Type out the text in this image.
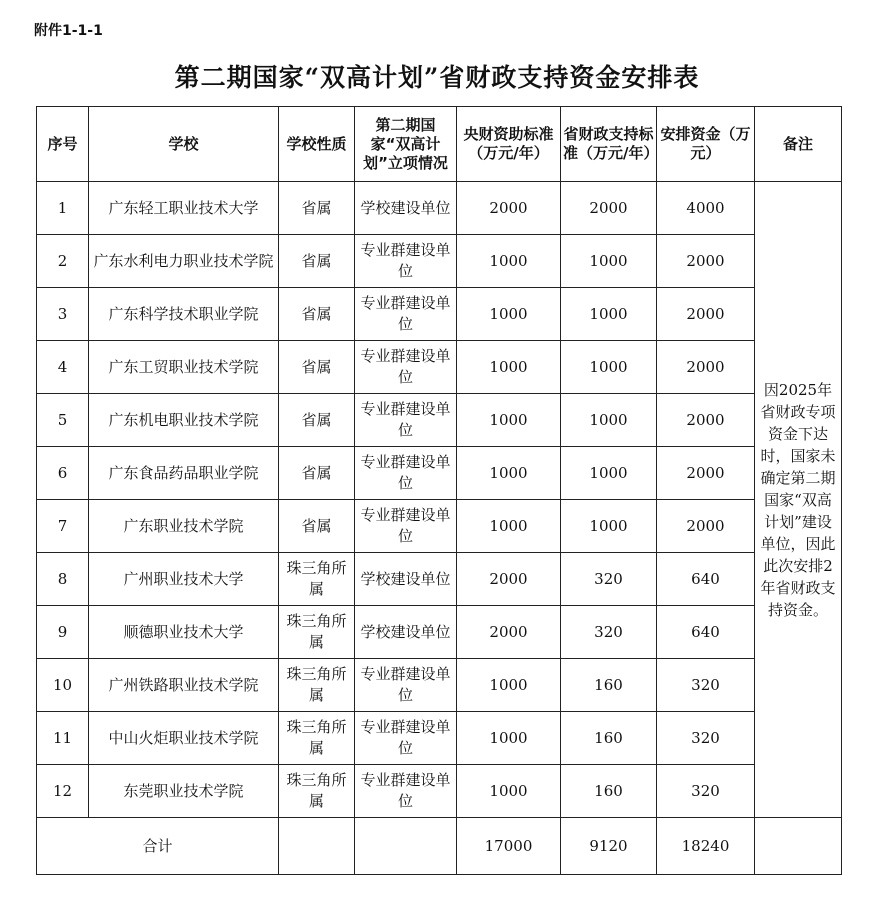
附件1-1-1
第二期国家“双高计划”省财政支持资金安排表
序号	学校	学校性质	第二期国家“双高计划”立项情况	央财资助标准（万元/年）	省财政支持标准（万元/年）	安排资金（万元）	备注
1	广东轻工职业技术大学	省属	学校建设单位	2000	2000	4000	因2025年省财政专项资金下达时，国家未确定第二期国家“双高计划”建设单位，因此此次安排2年省财政支持资金。
2	广东水利电力职业技术学院	省属	专业群建设单位	1000	1000	2000	
3	广东科学技术职业学院	省属	专业群建设单位	1000	1000	2000	
4	广东工贸职业技术学院	省属	专业群建设单位	1000	1000	2000	
5	广东机电职业技术学院	省属	专业群建设单位	1000	1000	2000	
6	广东食品药品职业学院	省属	专业群建设单位	1000	1000	2000	
7	广东职业技术学院	省属	专业群建设单位	1000	1000	2000	
8	广州职业技术大学	珠三角所属	学校建设单位	2000	320	640	
9	顺德职业技术大学	珠三角所属	学校建设单位	2000	320	640	
10	广州铁路职业技术学院	珠三角所属	专业群建设单位	1000	160	320	
11	中山火炬职业技术学院	珠三角所属	专业群建设单位	1000	160	320	
12	东莞职业技术学院	珠三角所属	专业群建设单位	1000	160	320	
合计				17000	9120	18240	
